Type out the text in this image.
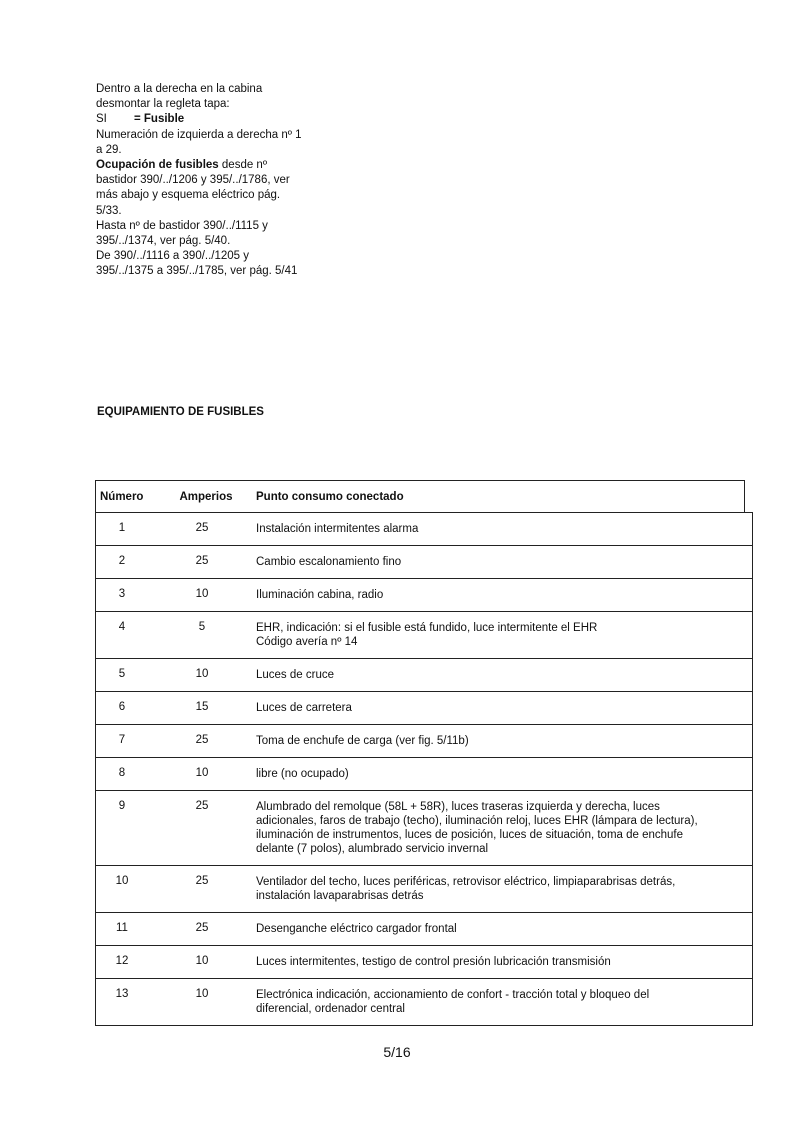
Dentro a la derecha en la cabina
desmontar la regleta tapa:
SI = Fusible
Numeración de izquierda a derecha nº 1
a 29.
Ocupación de fusibles desde nº
bastidor 390/../1206 y 395/../1786, ver
más abajo y esquema eléctrico pág.
5/33.
Hasta nº de bastidor 390/../1115 y
395/../1374, ver pág. 5/40.
De 390/../1116 a 390/../1205 y
395/../1375 a 395/../1785, ver pág. 5/41
EQUIPAMIENTO DE FUSIBLES
Número	Amperios	Punto consumo conectado
1	25	Instalación intermitentes alarma
2	25	Cambio escalonamiento fino
3	10	Iluminación cabina, radio
4	5	EHR, indicación: si el fusible está fundido, luce intermitente el EHR
Código avería nº 14
5	10	Luces de cruce
6	15	Luces de carretera
7	25	Toma de enchufe de carga (ver fig. 5/11b)
8	10	libre (no ocupado)
9	25	Alumbrado del remolque (58L + 58R), luces traseras izquierda y derecha, luces
adicionales, faros de trabajo (techo), iluminación reloj, luces EHR (lámpara de lectura),
iluminación de instrumentos, luces de posición, luces de situación, toma de enchufe
delante (7 polos), alumbrado servicio invernal
10	25	Ventilador del techo, luces periféricas, retrovisor eléctrico, limpiaparabrisas detrás,
instalación lavaparabrisas detrás
11	25	Desenganche eléctrico cargador frontal
12	10	Luces intermitentes, testigo de control presión lubricación transmisión
13	10	Electrónica indicación, accionamiento de confort - tracción total y bloqueo del
diferencial, ordenador central
5/16
